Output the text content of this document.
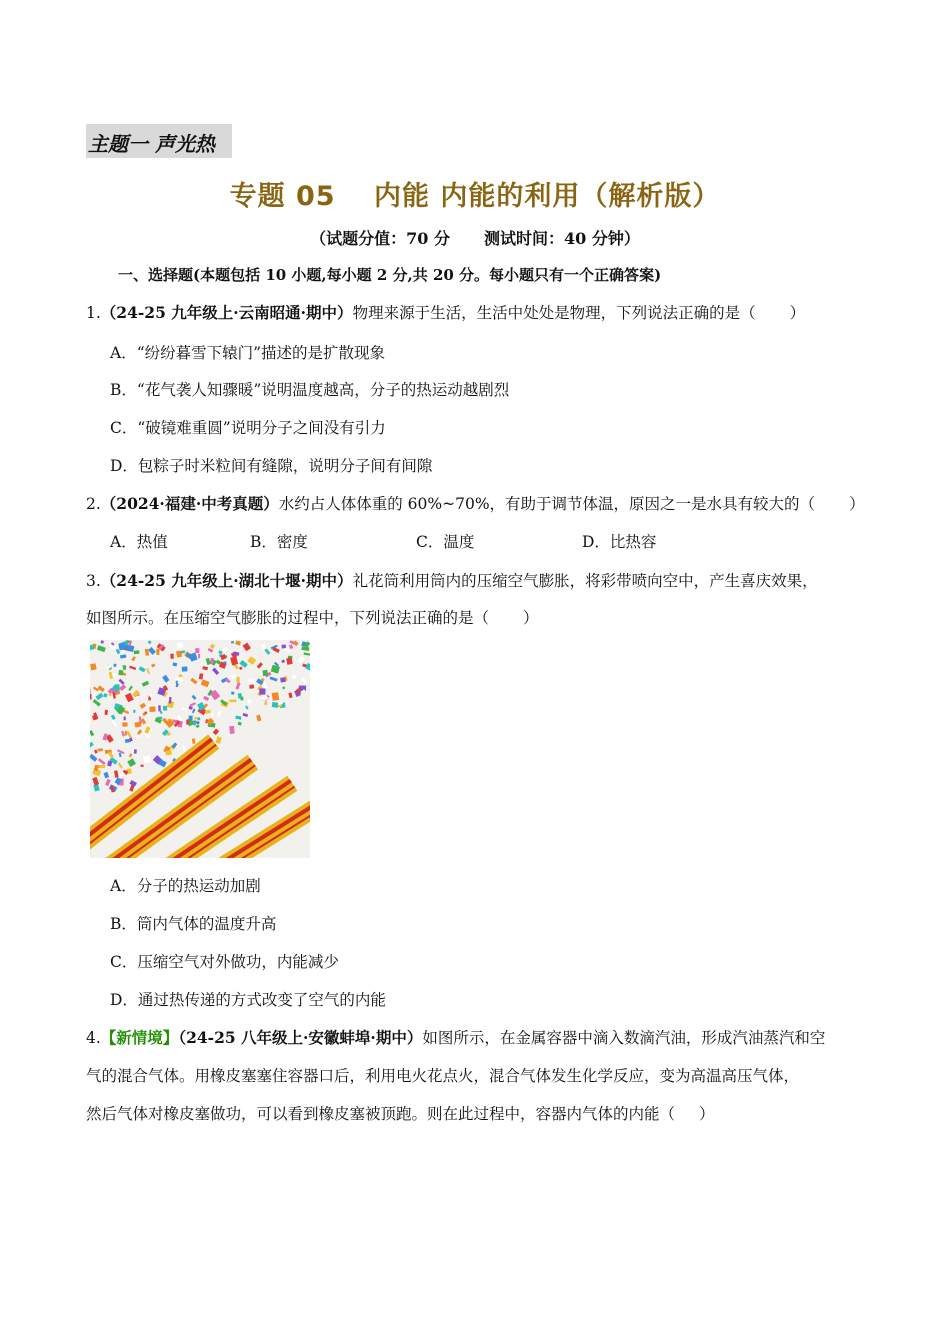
主题一 声光热
专题 05　 内能 内能的利用（解析版）
（试题分值：70 分 测试时间：40 分钟）
一、选择题(本题包括 10 小题,每小题 2 分,共 20 分。每小题只有一个正确答案)
1.（24-25 九年级上·云南昭通·期中）物理来源于生活，生活中处处是物理，下列说法正确的是（ ）
A．“纷纷暮雪下辕门”描述的是扩散现象
B．“花气袭人知骤暖”说明温度越高，分子的热运动越剧烈
C．“破镜难重圆”说明分子之间没有引力
D．包粽子时米粒间有缝隙，说明分子间有间隙
2.（2024·福建·中考真题）水约占人体体重的 60%~70%，有助于调节体温，原因之一是水具有较大的（ ）
A．热值	B．密度	C．温度	D．比热容
3.（24-25 九年级上·湖北十堰·期中）礼花筒利用筒内的压缩空气膨胀，将彩带喷向空中，产生喜庆效果，
如图所示。在压缩空气膨胀的过程中，下列说法正确的是（ ）
A．分子的热运动加剧
B．筒内气体的温度升高
C．压缩空气对外做功，内能减少
D．通过热传递的方式改变了空气的内能
4.【新情境】（24-25 八年级上·安徽蚌埠·期中）如图所示，在金属容器中滴入数滴汽油，形成汽油蒸汽和空
气的混合气体。用橡皮塞塞住容器口后，利用电火花点火，混合气体发生化学反应，变为高温高压气体，
然后气体对橡皮塞做功，可以看到橡皮塞被顶跑。则在此过程中，容器内气体的内能（ ）
